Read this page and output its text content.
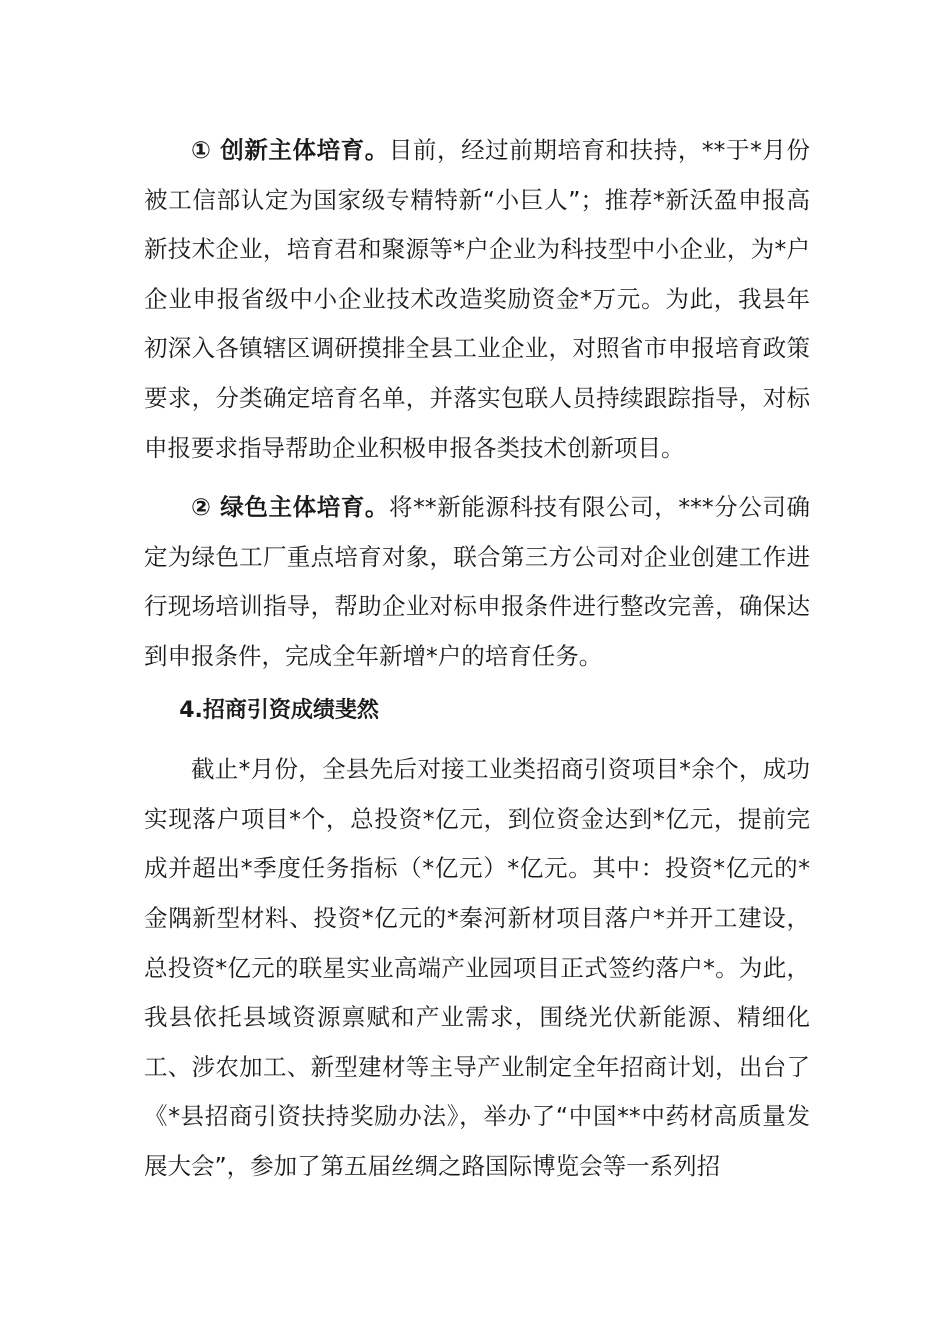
① 创新主体培育。目前，经过前期培育和扶持，**于*月份被工信部认定为国家级专精特新“小巨人”；推荐*新沃盈申报高新技术企业，培育君和聚源等*户企业为科技型中小企业，为*户企业申报省级中小企业技术改造奖励资金*万元。为此，我县年初深入各镇辖区调研摸排全县工业企业，对照省市申报培育政策要求，分类确定培育名单，并落实包联人员持续跟踪指导，对标申报要求指导帮助企业积极申报各类技术创新项目。

② 绿色主体培育。将**新能源科技有限公司，***分公司确定为绿色工厂重点培育对象，联合第三方公司对企业创建工作进行现场培训指导，帮助企业对标申报条件进行整改完善，确保达到申报条件，完成全年新增*户的培育任务。

4.招商引资成绩斐然

截止*月份，全县先后对接工业类招商引资项目*余个，成功实现落户项目*个，总投资*亿元，到位资金达到*亿元，提前完成并超出*季度任务指标（*亿元）*亿元。其中：投资*亿元的*金隅新型材料、投资*亿元的*秦河新材项目落户*并开工建设，总投资*亿元的联星实业高端产业园项目正式签约落户*。为此，我县依托县域资源禀赋和产业需求，围绕光伏新能源、精细化工、涉农加工、新型建材等主导产业制定全年招商计划，出台了《*县招商引资扶持奖励办法》，举办了“中国**中药材高质量发展大会”，参加了第五届丝绸之路国际博览会等一系列招
